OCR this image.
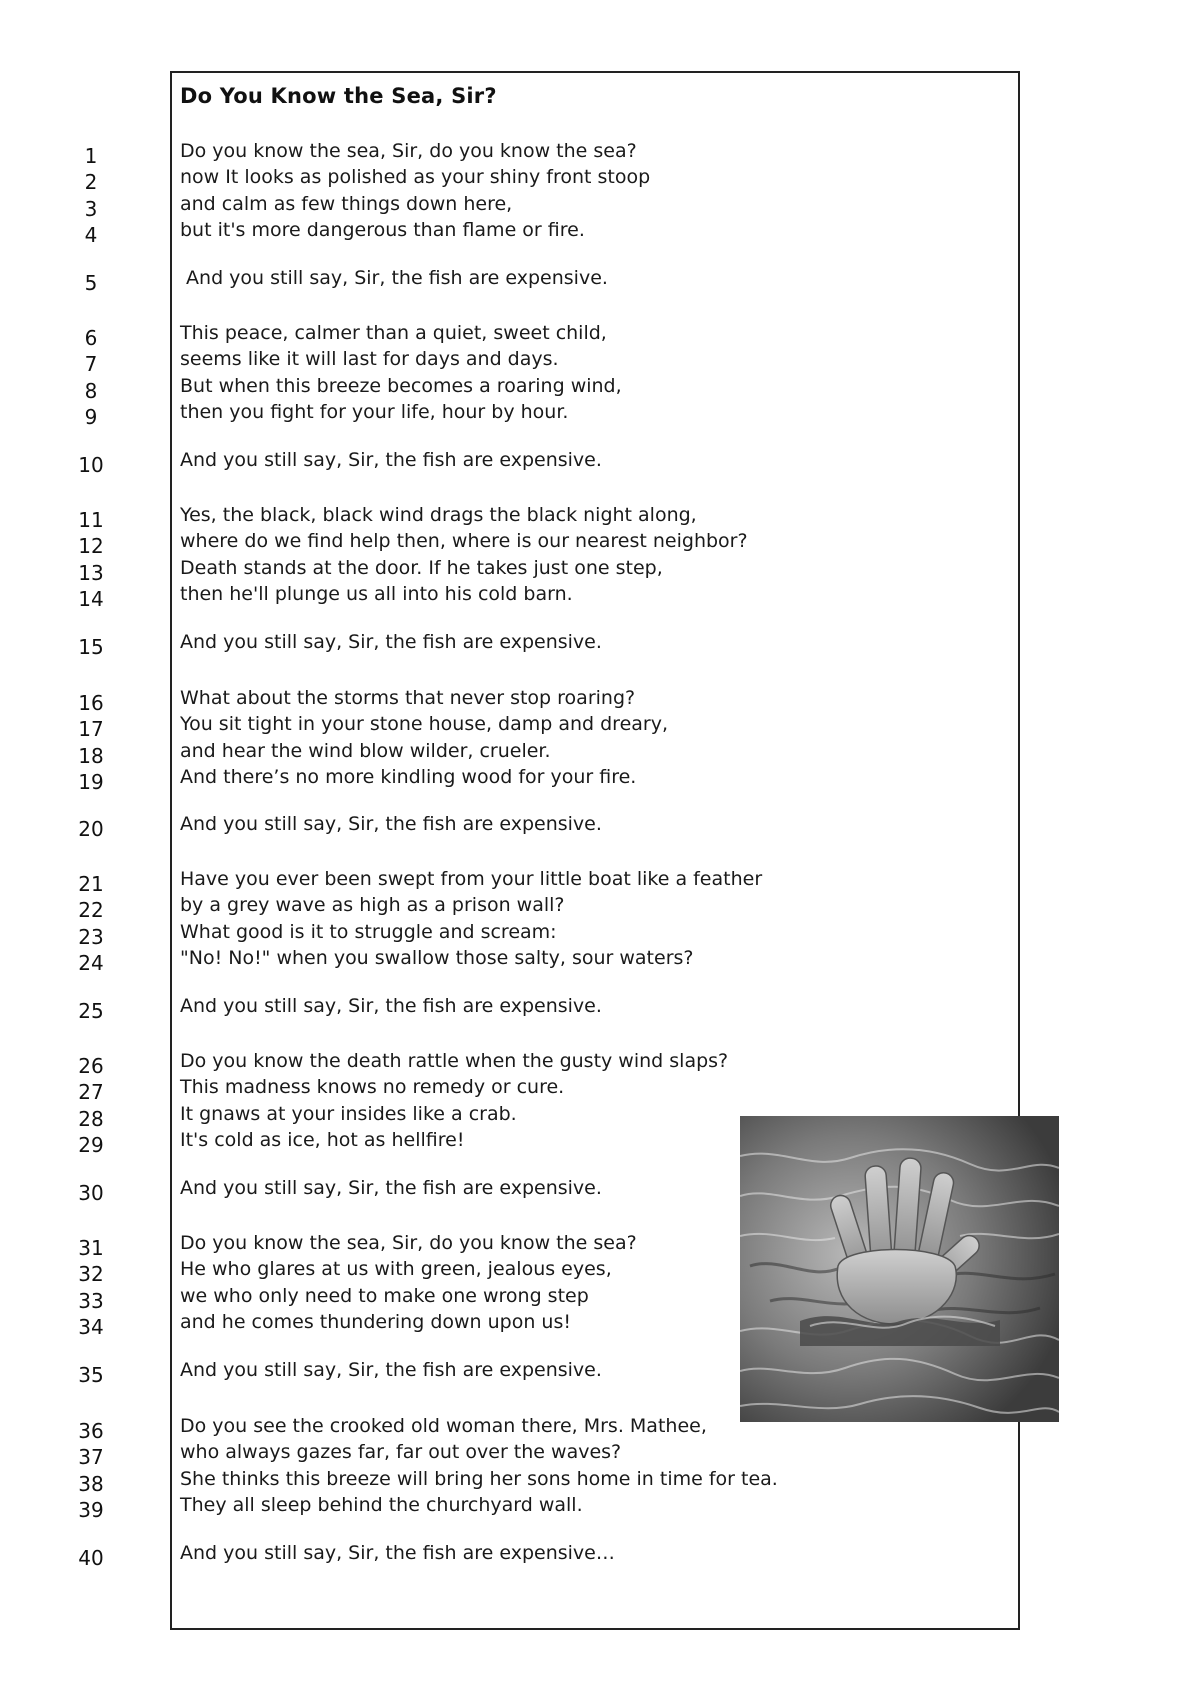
Do You Know the Sea, Sir?
1	Do you know the sea, Sir, do you know the sea?
2	now It looks as polished as your shiny front stoop
3	and calm as few things down here,
4	but it's more dangerous than flame or fire.
5	And you still say, Sir, the fish are expensive.
6	This peace, calmer than a quiet, sweet child,
7	seems like it will last for days and days.
8	But when this breeze becomes a roaring wind,
9	then you fight for your life, hour by hour.
10	And you still say, Sir, the fish are expensive.
11	Yes, the black, black wind drags the black night along,
12	where do we find help then, where is our nearest neighbor?
13	Death stands at the door. If he takes just one step,
14	then he'll plunge us all into his cold barn.
15	And you still say, Sir, the fish are expensive.
16	What about the storms that never stop roaring?
17	You sit tight in your stone house, damp and dreary,
18	and hear the wind blow wilder, crueler.
19	And there’s no more kindling wood for your fire.
20	And you still say, Sir, the fish are expensive.
21	Have you ever been swept from your little boat like a feather
22	by a grey wave as high as a prison wall?
23	What good is it to struggle and scream:
24	"No! No!" when you swallow those salty, sour waters?
25	And you still say, Sir, the fish are expensive.
26	Do you know the death rattle when the gusty wind slaps?
27	This madness knows no remedy or cure.
28	It gnaws at your insides like a crab.
29	It's cold as ice, hot as hellfire!
30	And you still say, Sir, the fish are expensive.
31	Do you know the sea, Sir, do you know the sea?
32	He who glares at us with green, jealous eyes,
33	we who only need to make one wrong step
34	and he comes thundering down upon us!
35	And you still say, Sir, the fish are expensive.
36	Do you see the crooked old woman there, Mrs. Mathee,
37	who always gazes far, far out over the waves?
38	She thinks this breeze will bring her sons home in time for tea.
39	They all sleep behind the churchyard wall.
40	And you still say, Sir, the fish are expensive…
